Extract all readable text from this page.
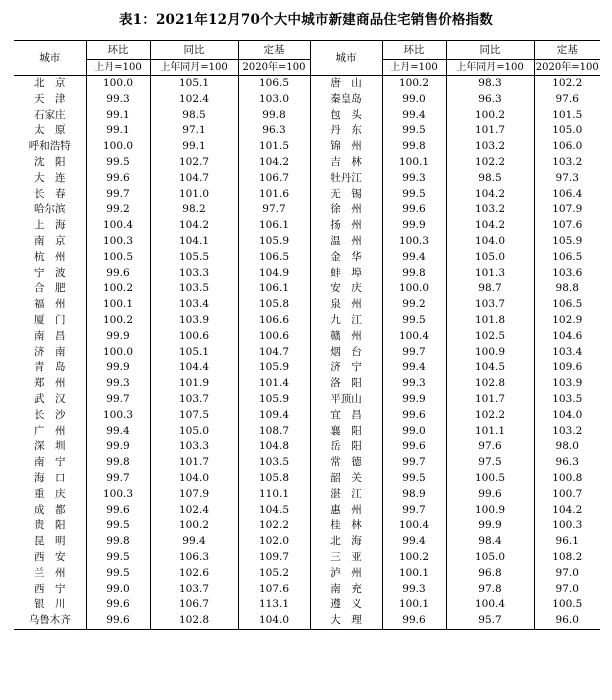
表1：2021年12月70个大中城市新建商品住宅销售价格指数
城市	环比	同比	定基	城市	环比	同比	定基
	上月=100	上年同月=100	2020年=100		上月=100	上年同月=100	2020年=100
北　京	100.0	105.1	106.5	唐　山	100.2	98.3	102.2
天　津	99.3	102.4	103.0	秦皇岛	99.0	96.3	97.6
石家庄	99.1	98.5	99.8	包　头	99.4	100.2	101.5
太　原	99.1	97.1	96.3	丹　东	99.5	101.7	105.0
呼和浩特	100.0	99.1	101.5	锦　州	99.8	103.2	106.0
沈　阳	99.5	102.7	104.2	吉　林	100.1	102.2	103.2
大　连	99.6	104.7	106.7	牡丹江	99.3	98.5	97.3
长　春	99.7	101.0	101.6	无　锡	99.5	104.2	106.4
哈尔滨	99.2	98.2	97.7	徐　州	99.6	103.2	107.9
上　海	100.4	104.2	106.1	扬　州	99.9	104.2	107.6
南　京	100.3	104.1	105.9	温　州	100.3	104.0	105.9
杭　州	100.5	105.5	106.5	金　华	99.4	105.0	106.5
宁　波	99.6	103.3	104.9	蚌　埠	99.8	101.3	103.6
合　肥	100.2	103.5	106.1	安　庆	100.0	98.7	98.8
福　州	100.1	103.4	105.8	泉　州	99.2	103.7	106.5
厦　门	100.2	103.9	106.6	九　江	99.5	101.8	102.9
南　昌	99.9	100.6	100.6	赣　州	100.4	102.5	104.6
济　南	100.0	105.1	104.7	烟　台	99.7	100.9	103.4
青　岛	99.9	104.4	105.9	济　宁	99.4	104.5	109.6
郑　州	99.3	101.9	101.4	洛　阳	99.3	102.8	103.9
武　汉	99.7	103.7	105.9	平顶山	99.9	101.7	103.5
长　沙	100.3	107.5	109.4	宜　昌	99.6	102.2	104.0
广　州	99.4	105.0	108.7	襄　阳	99.0	101.1	103.2
深　圳	99.9	103.3	104.8	岳　阳	99.6	97.6	98.0
南　宁	99.8	101.7	103.5	常　德	99.7	97.5	96.3
海　口	99.7	104.0	105.8	韶　关	99.5	100.5	100.8
重　庆	100.3	107.9	110.1	湛　江	98.9	99.6	100.7
成　都	99.6	102.4	104.5	惠　州	99.7	100.9	104.2
贵　阳	99.5	100.2	102.2	桂　林	100.4	99.9	100.3
昆　明	99.8	99.4	102.0	北　海	99.4	98.4	96.1
西　安	99.5	106.3	109.7	三　亚	100.2	105.0	108.2
兰　州	99.5	102.6	105.2	泸　州	100.1	96.8	97.0
西　宁	99.0	103.7	107.6	南　充	99.3	97.8	97.0
银　川	99.6	106.7	113.1	遵　义	100.1	100.4	100.5
乌鲁木齐	99.6	102.8	104.0	大　理	99.6	95.7	96.0
